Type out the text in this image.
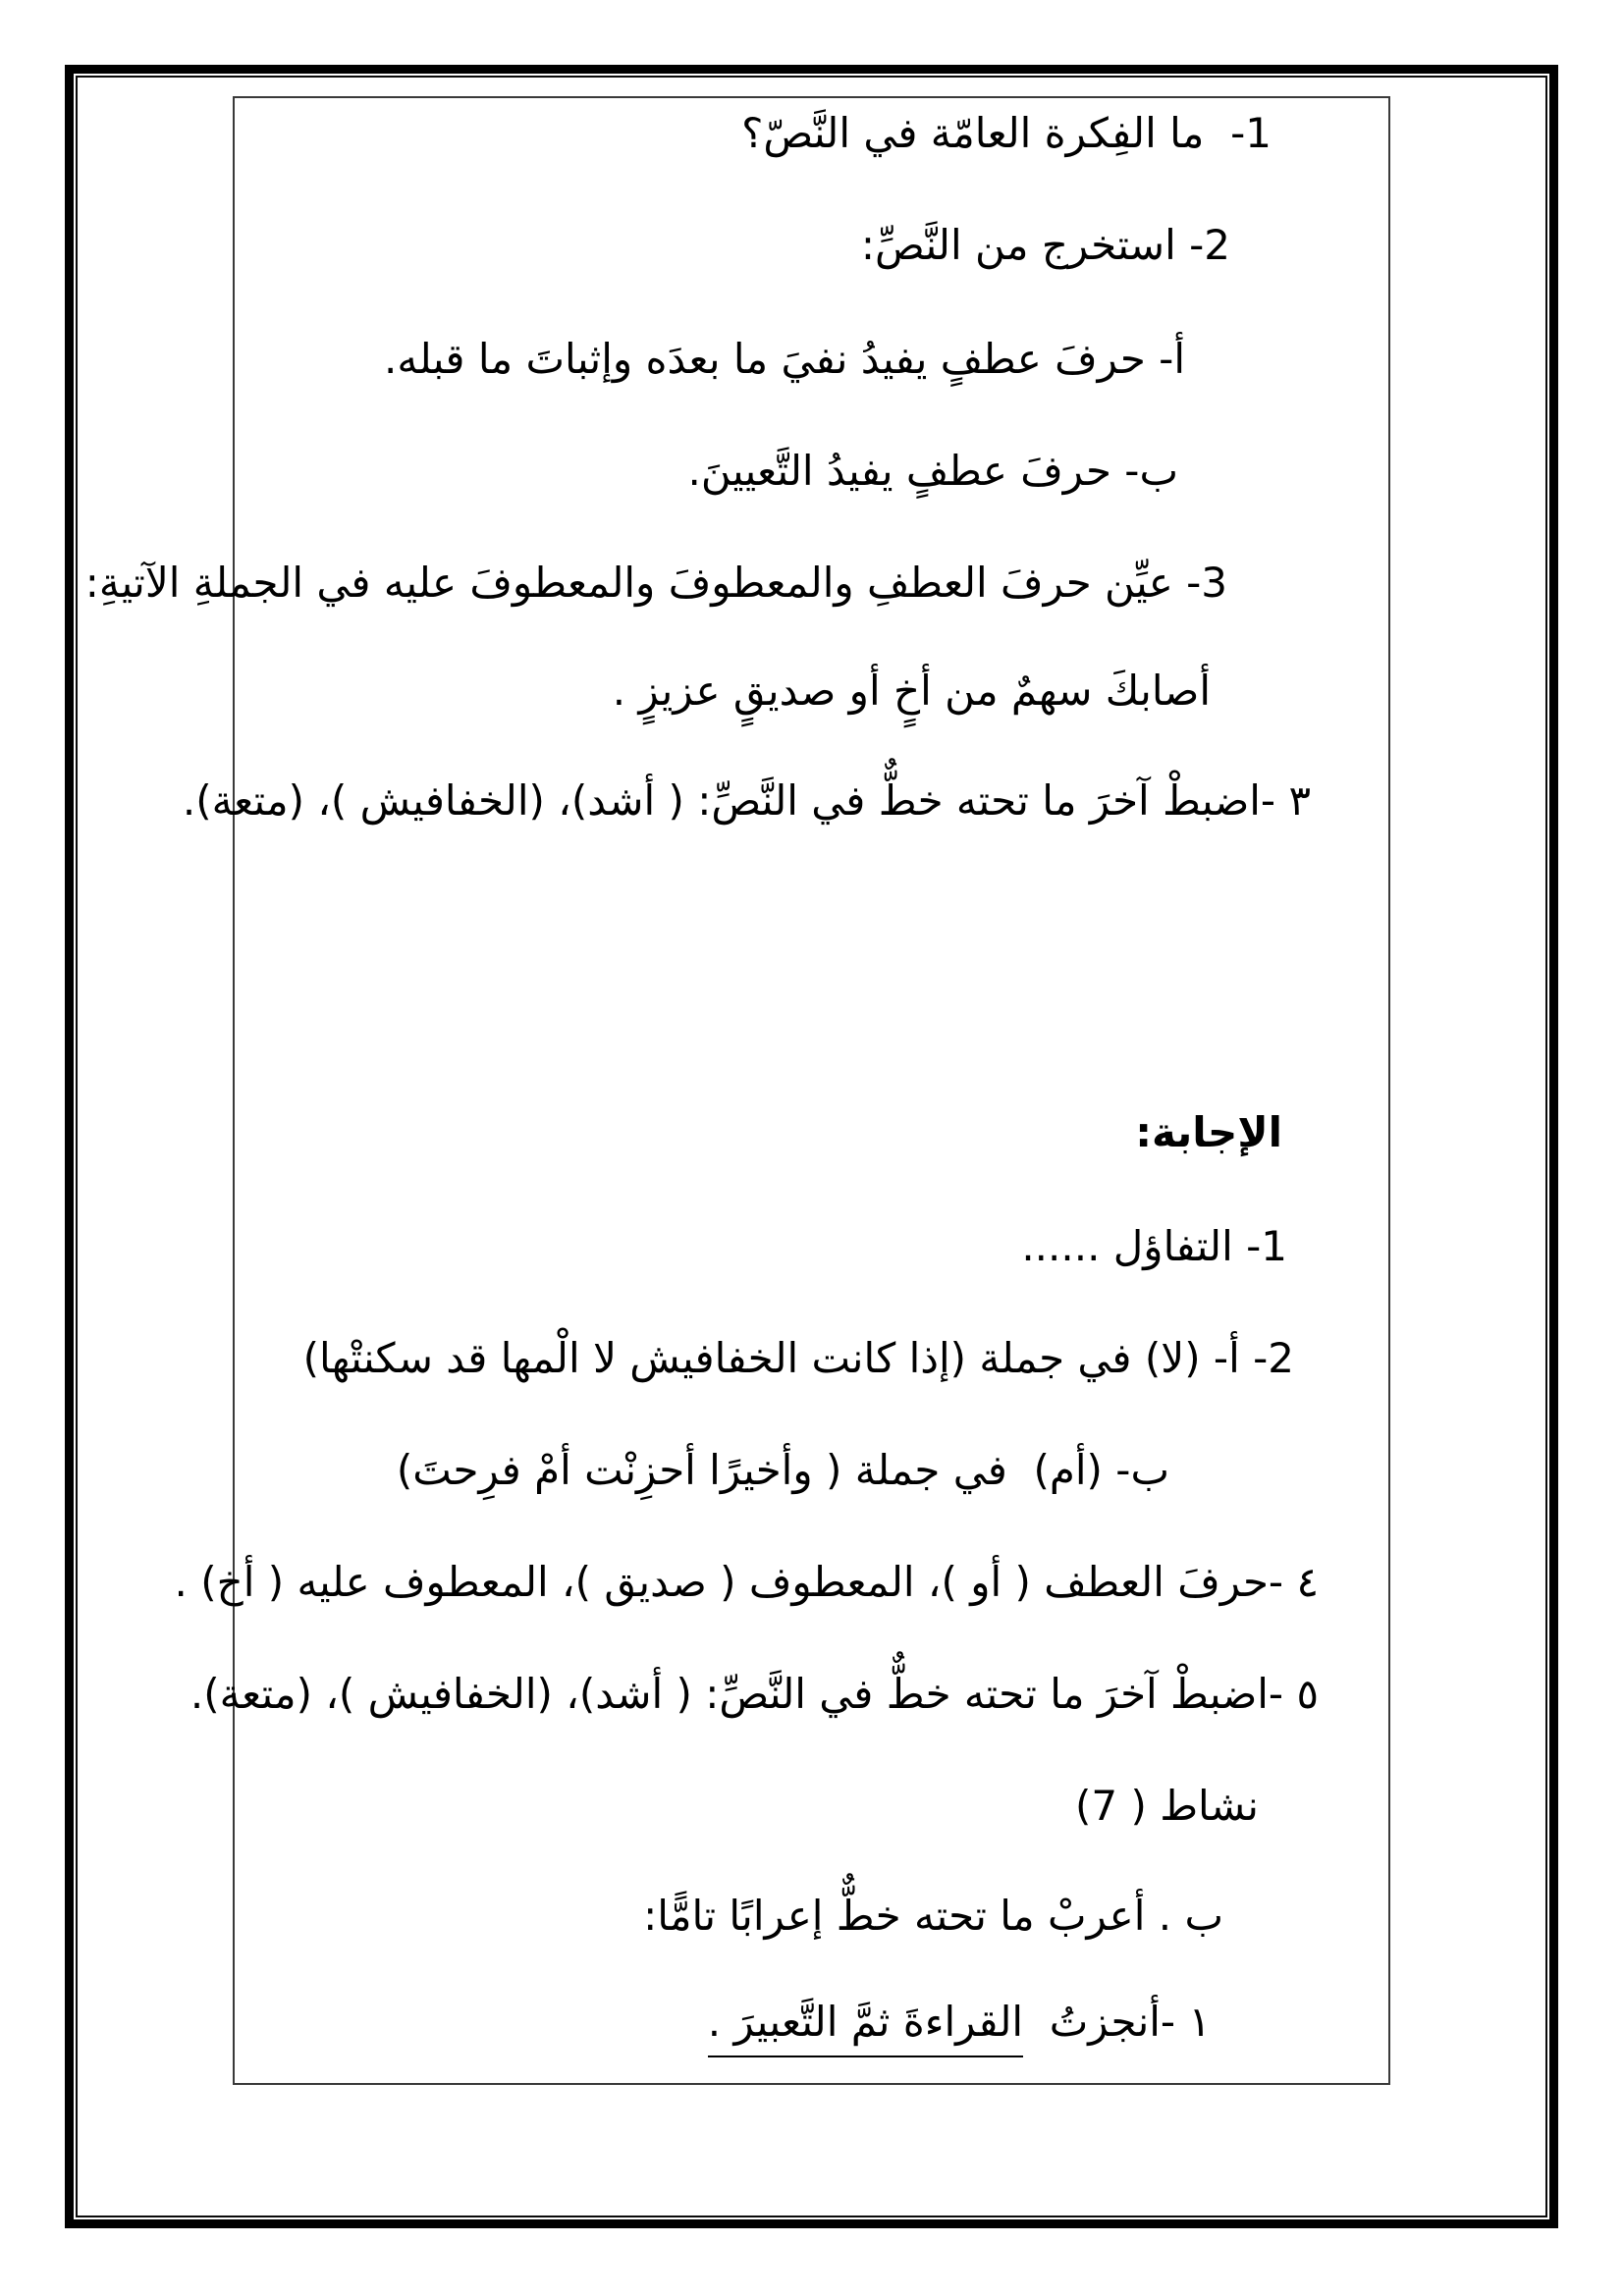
1-  ما الفِكرة العامّة في النَّصّ؟
2- استخرج من النَّصِّ:
أ- حرفَ عطفٍ يفيدُ نفيَ ما بعدَه وإثباتَ ما قبله.
ب- حرفَ عطفٍ يفيدُ التَّعيينَ.
3- عيِّن حرفَ العطفِ والمعطوفَ والمعطوفَ عليه في الجملةِ الآتيةِ:
أصابكَ سهمٌ من أخٍ أو صديقٍ عزيزٍ .
٣ -اضبطْ آخرَ ما تحته خطٌّ في النَّصِّ: ( أشد)، (الخفافيش )، (متعة).
الإجابة:
1- التفاؤل ......
2- أ- (لا) في جملة (إذا كانت الخفافيش لا الْمها قد سكنتْها)
ب- (أم)  في جملة ( وأخيرًا أحزِنْت أمْ فرِحتَ)
٤ -حرفَ العطف ( أو )، المعطوف ( صديق )، المعطوف عليه ( أخ) .
٥ -اضبطْ آخرَ ما تحته خطٌّ في النَّصِّ: ( أشد)، (الخفافيش )، (متعة).
نشاط ( 7)
ب . أعربْ ما تحته خطٌّ إعرابًا تامًّا:
١ -أنجزتُ  القراءةَ ثمَّ التَّعبيرَ .
